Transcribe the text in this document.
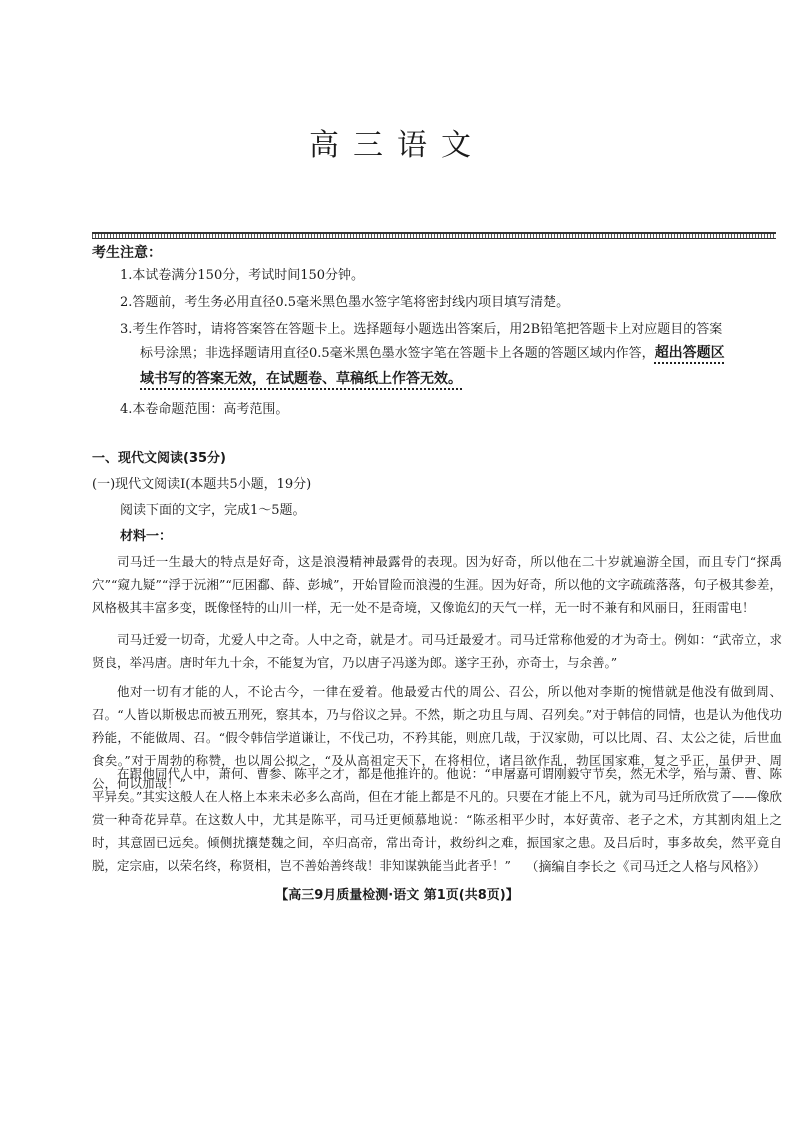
高三语文
考生注意：
1.本试卷满分150分，考试时间150分钟。
2.答题前，考生务必用直径0.5毫米黑色墨水签字笔将密封线内项目填写清楚。
3.考生作答时，请将答案答在答题卡上。选择题每小题选出答案后，用2B铅笔把答题卡上对应题目的答案
标号涂黑；非选择题请用直径0.5毫米黑色墨水签字笔在答题卡上各题的答题区域内作答，超出答题区
域书写的答案无效，在试题卷、草稿纸上作答无效。
4.本卷命题范围：高考范围。
一、现代文阅读(35分)
(一)现代文阅读Ⅰ(本题共5小题，19分)
阅读下面的文字，完成1～5题。
材料一：

司马迁一生最大的特点是好奇，这是浪漫精神最露骨的表现。因为好奇，所以他在二十岁就遍游全国，而且专门“探禹穴”“窥九疑”“浮于沅湘”“厄困鄱、薛、彭城”，开始冒险而浪漫的生涯。因为好奇，所以他的文字疏疏落落，句子极其参差，风格极其丰富多变，既像怪特的山川一样，无一处不是奇境，又像诡幻的天气一样，无一时不兼有和风丽日，狂雨雷电！

司马迁爱一切奇，尤爱人中之奇。人中之奇，就是才。司马迁最爱才。司马迁常称他爱的才为奇士。例如：“武帝立，求贤良，举冯唐。唐时年九十余，不能复为官，乃以唐子冯遂为郎。遂字王孙，亦奇士，与余善。”

他对一切有才能的人，不论古今，一律在爱着。他最爱古代的周公、召公，所以他对李斯的惋惜就是他没有做到周、召。“人皆以斯极忠而被五刑死，察其本，乃与俗议之异。不然，斯之功且与周、召列矣。”对于韩信的同情，也是认为他伐功矜能，不能做周、召。“假令韩信学道谦让，不伐己功，不矜其能，则庶几哉，于汉家勋，可以比周、召、太公之徒，后世血食矣。”对于周勃的称赞，也以周公拟之，“及从高祖定天下，在将相位，诸吕欲作乱，勃匡国家难，复之乎正，虽伊尹、周公，何以加哉！”

（摘编自李长之《司马迁之人格与风格》）
【高三9月质量检测·语文 第1页(共8页)】

在跟他同代人中，萧何、曹参、陈平之才，都是他推许的。他说：“申屠嘉可谓刚毅守节矣，然无术学，殆与萧、曹、陈平异矣。”其实这般人在人格上本来未必多么高尚，但在才能上都是不凡的。只要在才能上不凡，就为司马迁所欣赏了——像欣赏一种奇花异草。在这数人中，尤其是陈平，司马迁更倾慕地说：“陈丞相平少时，本好黄帝、老子之术，方其割肉俎上之时，其意固已远矣。倾侧扰攘楚魏之间，卒归高帝，常出奇计，救纷纠之难，振国家之患。及吕后时，事多故矣，然平竟自脱，定宗庙，以荣名终，称贤相，岂不善始善终哉！非知谋孰能当此者乎！”
